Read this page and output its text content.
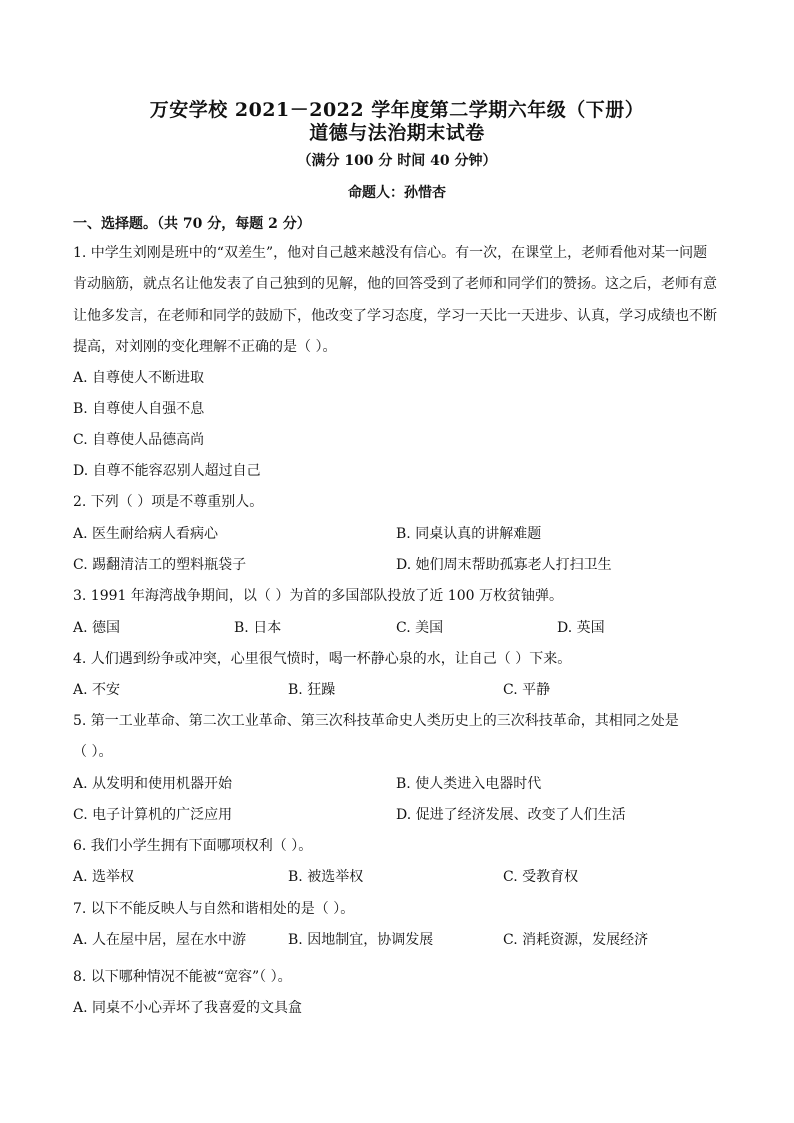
万安学校 2021－2022 学年度第二学期六年级（下册）
道德与法治期末试卷
（满分 100 分 时间 40 分钟）
命题人：孙惜杏
一、选择题。（共 70 分，每题 2 分）
1. 中学生刘刚是班中的“双差生”，他对自己越来越没有信心。有一次，在课堂上，老师看他对某一问题
肯动脑筋，就点名让他发表了自己独到的见解，他的回答受到了老师和同学们的赞扬。这之后，老师有意
让他多发言，在老师和同学的鼓励下，他改变了学习态度，学习一天比一天进步、认真，学习成绩也不断
提高，对刘刚的变化理解不正确的是（ ）。
A. 自尊使人不断进取
B. 自尊使人自强不息
C. 自尊使人品德高尚
D. 自尊不能容忍别人超过自己
2. 下列（ ）项是不尊重别人。
A. 医生耐给病人看病心	B. 同桌认真的讲解难题
C. 踢翻清洁工的塑料瓶袋子	D. 她们周末帮助孤寡老人打扫卫生
3. 1991 年海湾战争期间，以（ ）为首的多国部队投放了近 100 万枚贫铀弹。
A. 德国	B. 日本	C. 美国	D. 英国
4. 人们遇到纷争或冲突，心里很气愤时，喝一杯静心泉的水，让自己（ ）下来。
A. 不安	B. 狂躁	C. 平静
5. 第一工业革命、第二次工业革命、第三次科技革命史人类历史上的三次科技革命，其相同之处是
（ ）。
A. 从发明和使用机器开始	B. 使人类进入电器时代
C. 电子计算机的广泛应用	D. 促进了经济发展、改变了人们生活
6. 我们小学生拥有下面哪项权利（ ）。
A. 选举权	B. 被选举权	C. 受教育权
7. 以下不能反映人与自然和谐相处的是（ ）。
A. 人在屋中居，屋在水中游	B. 因地制宜，协调发展	C. 消耗资源，发展经济
8. 以下哪种情况不能被“宽容”（ ）。
A. 同桌不小心弄坏了我喜爱的文具盒
